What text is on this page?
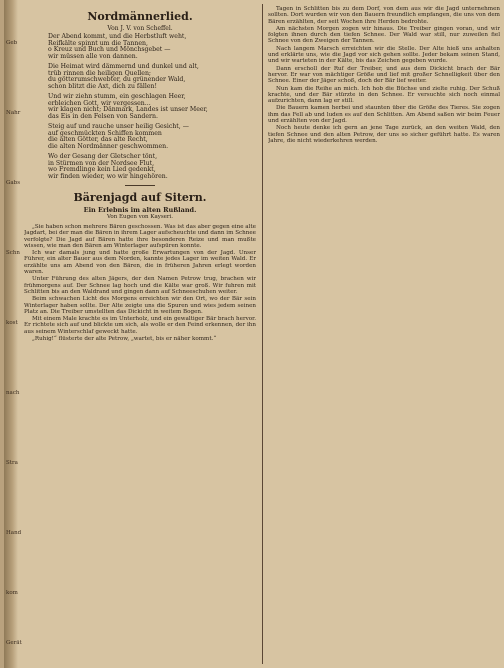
Geb
Nahr
Gabs
Schn
kost
nach
Stra
Hand
kom
Gerät
Nordmännerlied.
Von J. V. von Scheffel.

Der Abend kommt, und die Herbstluft weht,
Reifkälte spinnt um die Tannen,
o Kreuz und Buch und Mönchsgebet —
wir müssen alle von dannen.

Die Heimat wird dämmernd und dunkel und alt,
trüb rinnen die heiligen Quellen;
du götterumschwebter, du grünender Wald,
schon blitzt die Axt, dich zu fällen!

Und wir ziehn stumm, ein geschlagen Heer,
erbleichen Gott, wir vergessen...
wir klagen nicht; Dänmark, Landes ist unser Meer,
das Eis in den Felsen von Sandern.

Steig auf und rauche unser heilig Gesicht, —
auf geschmückten Schiffen kommen
die alten Götter, das alte Recht,
die alten Nordmänner geschwommen.

Wo der Gesang der Gletscher tönt,
in Stürmen von der Nordsee Flut,
wo Fremdlinge kein Lied gedenkt,
wir finden wieder, wo wir hingehören.

Bärenjagd auf Sitern.
Ein Erlebnis im alten Rußland.
Von Eugen von Kayseri.

„Sie haben schon mehrere Bären geschossen. Was ist das aber gegen eine alte Jagdart, bei der man die Bären in ihrem Lager aufscheuchte und dann im Schnee verfolgte? Die Jagd auf Bären hatte ihre besonderen Reize und man mußte wissen, wie man den Bären am Winterlager aufspüren konnte.

Ich war damals jung und hatte große Erwartungen von der Jagd. Unser Führer, ein alter Bauer aus dem Norden, kannte jedes Lager im weiten Wald. Er erzählte uns am Abend von den Bären, die in früheren Jahren erlegt worden waren.

Unter Führung des alten Jägers, der den Namen Petrow trug, brachen wir frühmorgens auf. Der Schnee lag hoch und die Kälte war groß. Wir fuhren mit Schlitten bis an den Waldrand und gingen dann auf Schneeschuhen weiter.

Beim schwachen Licht des Morgens erreichten wir den Ort, wo der Bär sein Winterlager haben sollte. Der Alte zeigte uns die Spuren und wies jedem seinen Platz an. Die Treiber umstellten das Dickicht in weitem Bogen.

Mit einem Male krachte es im Unterholz, und ein gewaltiger Bär brach hervor. Er richtete sich auf und blickte um sich, als wolle er den Feind erkennen, der ihn aus seinem Winterschlaf geweckt hatte.

„Ruhig!“ flüsterte der alte Petrow, „wartet, bis er näher kommt.“

Tagen in Schlitten bis zu dem Dorf, von dem aus wir die Jagd unternehmen sollten. Dort wurden wir von den Bauern freundlich empfangen, die uns von dem Bären erzählten, der seit Wochen ihre Herden bedrohte.

Am nächsten Morgen zogen wir hinaus. Die Treiber gingen voran, und wir folgten ihnen durch den tiefen Schnee. Der Wald war still, nur zuweilen fiel Schnee von den Zweigen der Tannen.

Nach langem Marsch erreichten wir die Stelle. Der Alte hieß uns anhalten und erklärte uns, wie die Jagd vor sich gehen sollte. Jeder bekam seinen Stand, und wir warteten in der Kälte, bis das Zeichen gegeben wurde.

Dann erscholl der Ruf der Treiber, und aus dem Dickicht brach der Bär hervor. Er war von mächtiger Größe und lief mit großer Schnelligkeit über den Schnee. Einer der Jäger schoß, doch der Bär lief weiter.

Nun kam die Reihe an mich. Ich hob die Büchse und zielte ruhig. Der Schuß krachte, und der Bär stürzte in den Schnee. Er versuchte sich noch einmal aufzurichten, dann lag er still.

Die Bauern kamen herbei und staunten über die Größe des Tieres. Sie zogen ihm das Fell ab und luden es auf den Schlitten. Am Abend saßen wir beim Feuer und erzählten von der Jagd.

Noch heute denke ich gern an jene Tage zurück, an den weiten Wald, den tiefen Schnee und den alten Petrow, der uns so sicher geführt hatte. Es waren Jahre, die nicht wiederkehren werden.
